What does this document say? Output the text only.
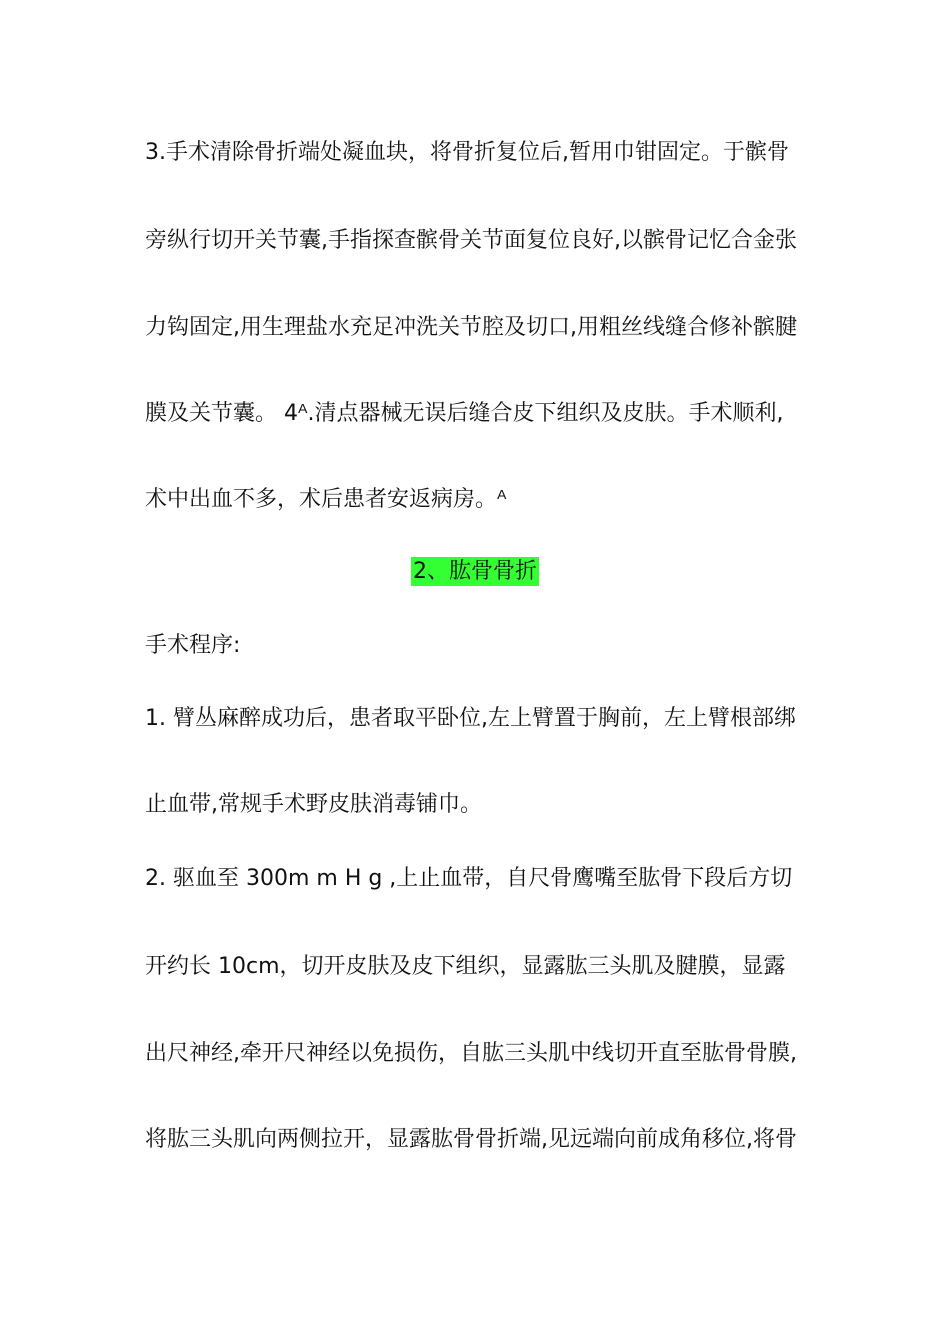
3.手术清除骨折端处凝血块，将骨折复位后,暂用巾钳固定。于髌骨
旁纵行切开关节囊,手指探查髌骨关节面复位良好,以髌骨记忆合金张
力钩固定,用生理盐水充足冲洗关节腔及切口,用粗丝线缝合修补髌腱
膜及关节囊。 4ᴬ.清点器械无误后缝合皮下组织及皮肤。手术顺利,
术中出血不多，术后患者安返病房。ᴬ
2、肱骨骨折
手术程序:
1. 臂丛麻醉成功后，患者取平卧位,左上臂置于胸前，左上臂根部绑
止血带,常规手术野皮肤消毒铺巾。
2. 驱血至 300m m H g ,上止血带，自尺骨鹰嘴至肱骨下段后方切
开约长 10cm，切开皮肤及皮下组织，显露肱三头肌及腱膜，显露
出尺神经,牵开尺神经以免损伤，自肱三头肌中线切开直至肱骨骨膜,
将肱三头肌向两侧拉开，显露肱骨骨折端,见远端向前成角移位,将骨
